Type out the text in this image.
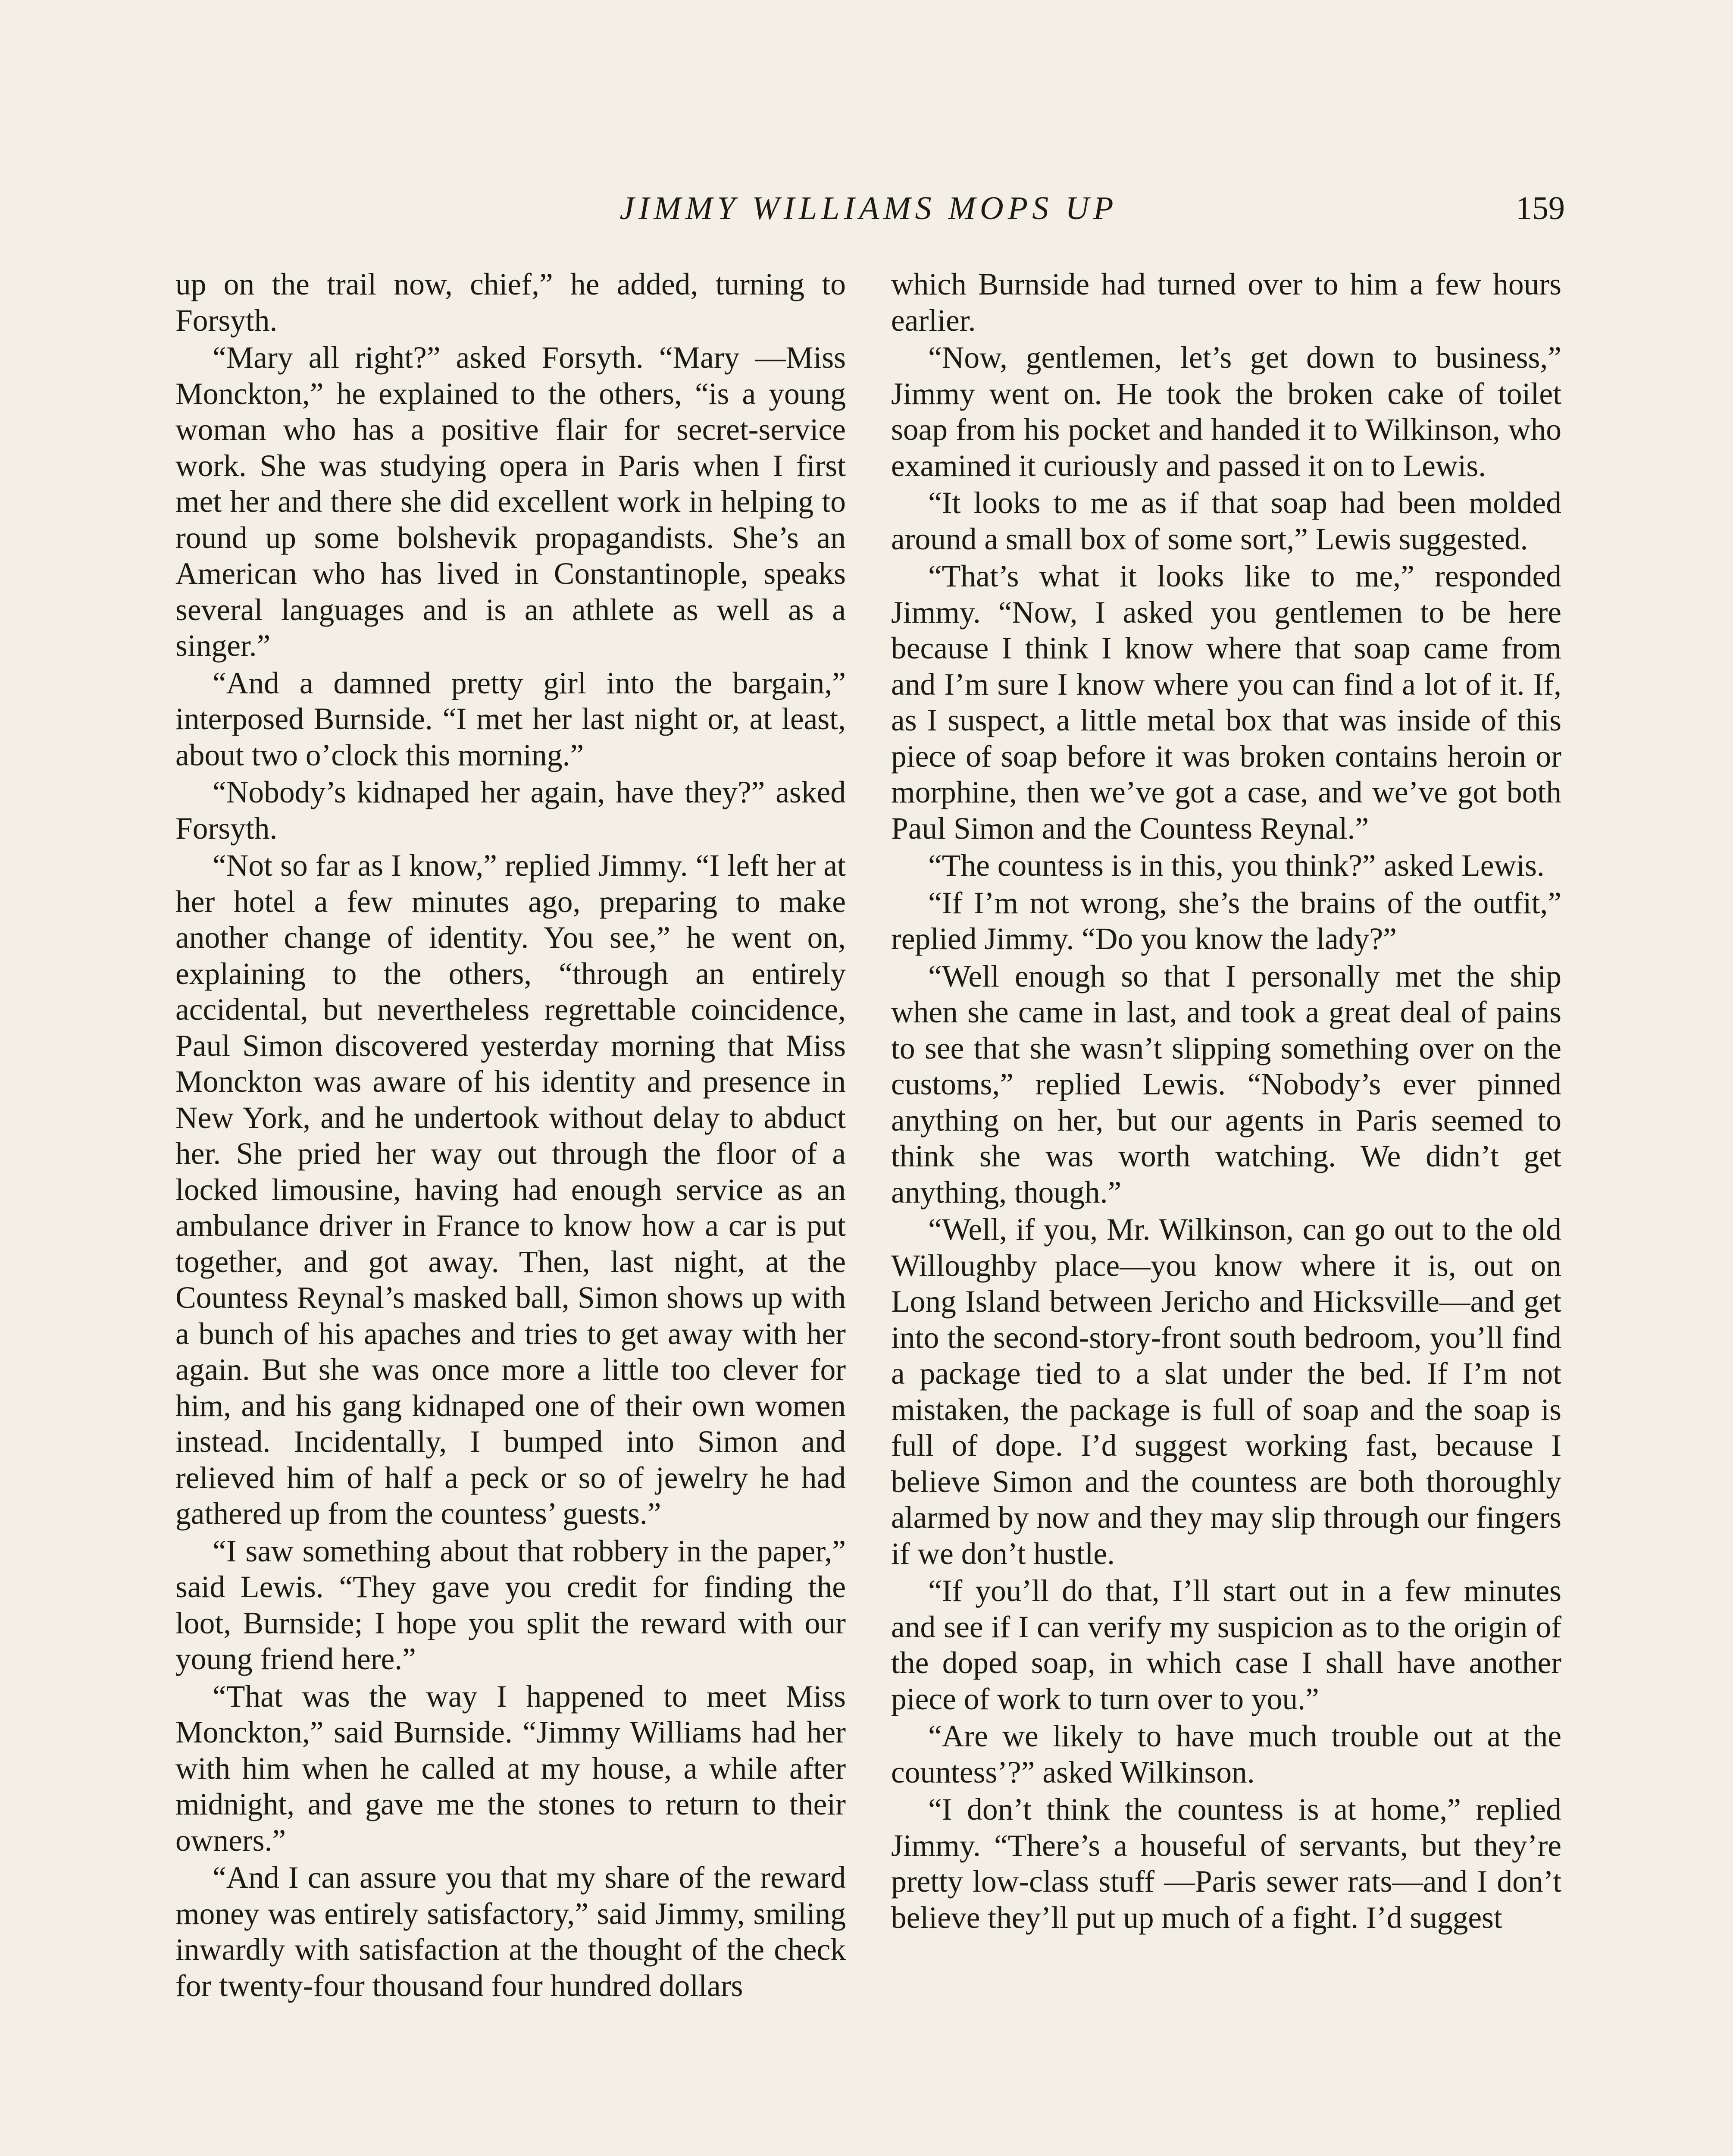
JIMMY WILLIAMS MOPS UP	159

up on the trail now, chief,” he added, turning to Forsyth.

“Mary all right?” asked Forsyth. “Mary —Miss Monckton,” he explained to the others, “is a young woman who has a positive flair for secret-service work. She was studying opera in Paris when I first met her and there she did excellent work in helping to round up some bolshevik propagandists. She’s an American who has lived in Constantinople, speaks several languages and is an athlete as well as a singer.”

“And a damned pretty girl into the bargain,” interposed Burnside. “I met her last night or, at least, about two o’clock this morning.”

“Nobody’s kidnaped her again, have they?” asked Forsyth.

“Not so far as I know,” replied Jimmy. “I left her at her hotel a few minutes ago, preparing to make another change of identity. You see,” he went on, explaining to the others, “through an entirely accidental, but nevertheless regrettable coincidence, Paul Simon discovered yesterday morning that Miss Monckton was aware of his identity and presence in New York, and he undertook without delay to abduct her. She pried her way out through the floor of a locked limousine, having had enough service as an ambulance driver in France to know how a car is put together, and got away. Then, last night, at the Countess Reynal’s masked ball, Simon shows up with a bunch of his apaches and tries to get away with her again. But she was once more a little too clever for him, and his gang kidnaped one of their own women instead. Incidentally, I bumped into Simon and relieved him of half a peck or so of jewelry he had gathered up from the countess’ guests.”

“I saw something about that robbery in the paper,” said Lewis. “They gave you credit for finding the loot, Burnside; I hope you split the reward with our young friend here.”

“That was the way I happened to meet Miss Monckton,” said Burnside. “Jimmy Williams had her with him when he called at my house, a while after midnight, and gave me the stones to return to their owners.”

“And I can assure you that my share of the reward money was entirely satisfactory,” said Jimmy, smiling inwardly with satisfaction at the thought of the check for twenty-four thousand four hundred dollars

which Burnside had turned over to him a few hours earlier.

“Now, gentlemen, let’s get down to business,” Jimmy went on. He took the broken cake of toilet soap from his pocket and handed it to Wilkinson, who examined it curiously and passed it on to Lewis.

“It looks to me as if that soap had been molded around a small box of some sort,” Lewis suggested.

“That’s what it looks like to me,” responded Jimmy. “Now, I asked you gentlemen to be here because I think I know where that soap came from and I’m sure I know where you can find a lot of it. If, as I suspect, a little metal box that was inside of this piece of soap before it was broken contains heroin or morphine, then we’ve got a case, and we’ve got both Paul Simon and the Countess Reynal.”

“The countess is in this, you think?” asked Lewis.

“If I’m not wrong, she’s the brains of the outfit,” replied Jimmy. “Do you know the lady?”

“Well enough so that I personally met the ship when she came in last, and took a great deal of pains to see that she wasn’t slipping something over on the customs,” replied Lewis. “Nobody’s ever pinned anything on her, but our agents in Paris seemed to think she was worth watching. We didn’t get anything, though.”

“Well, if you, Mr. Wilkinson, can go out to the old Willoughby place—you know where it is, out on Long Island between Jericho and Hicksville—and get into the second-story-front south bedroom, you’ll find a package tied to a slat under the bed. If I’m not mistaken, the package is full of soap and the soap is full of dope. I’d suggest working fast, because I believe Simon and the countess are both thoroughly alarmed by now and they may slip through our fingers if we don’t hustle.

“If you’ll do that, I’ll start out in a few minutes and see if I can verify my suspicion as to the origin of the doped soap, in which case I shall have another piece of work to turn over to you.”

“Are we likely to have much trouble out at the countess’?” asked Wilkinson.

“I don’t think the countess is at home,” replied Jimmy. “There’s a houseful of servants, but they’re pretty low-class stuff —Paris sewer rats—and I don’t believe they’ll put up much of a fight. I’d suggest
